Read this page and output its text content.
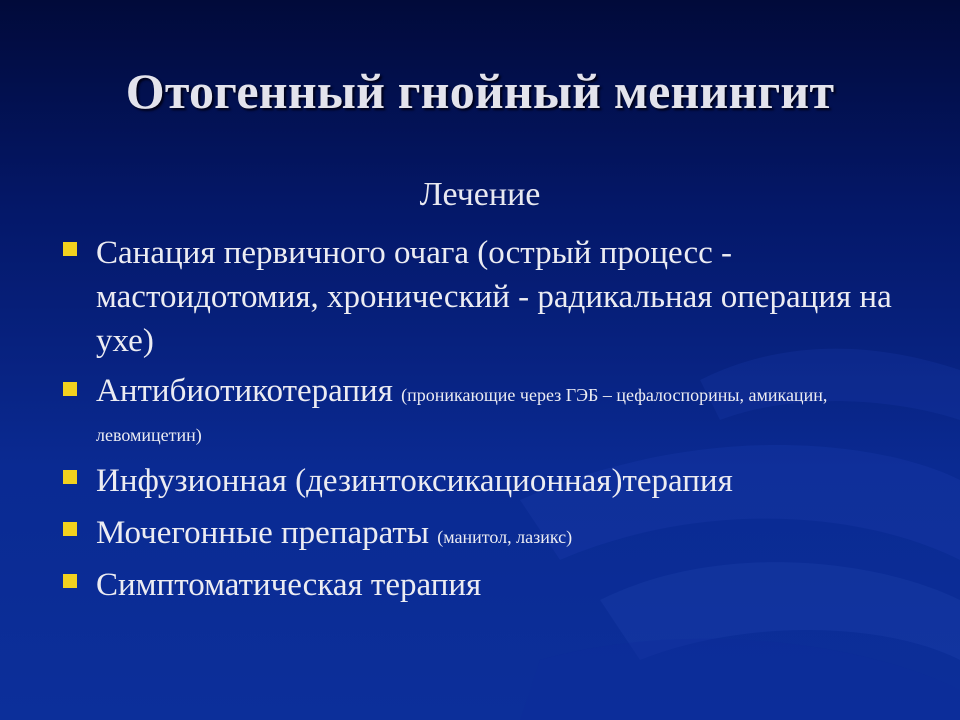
Отогенный гнойный менингит
Лечение
Санация первичного очага (острый процесс - мастоидотомия, хронический - радикальная операция на ухе)
Антибиотикотерапия (проникающие через ГЭБ – цефалоспорины, амикацин, левомицетин)
Инфузионная (дезинтоксикационная)терапия
Мочегонные препараты (манитол, лазикс)
Симптоматическая терапия
